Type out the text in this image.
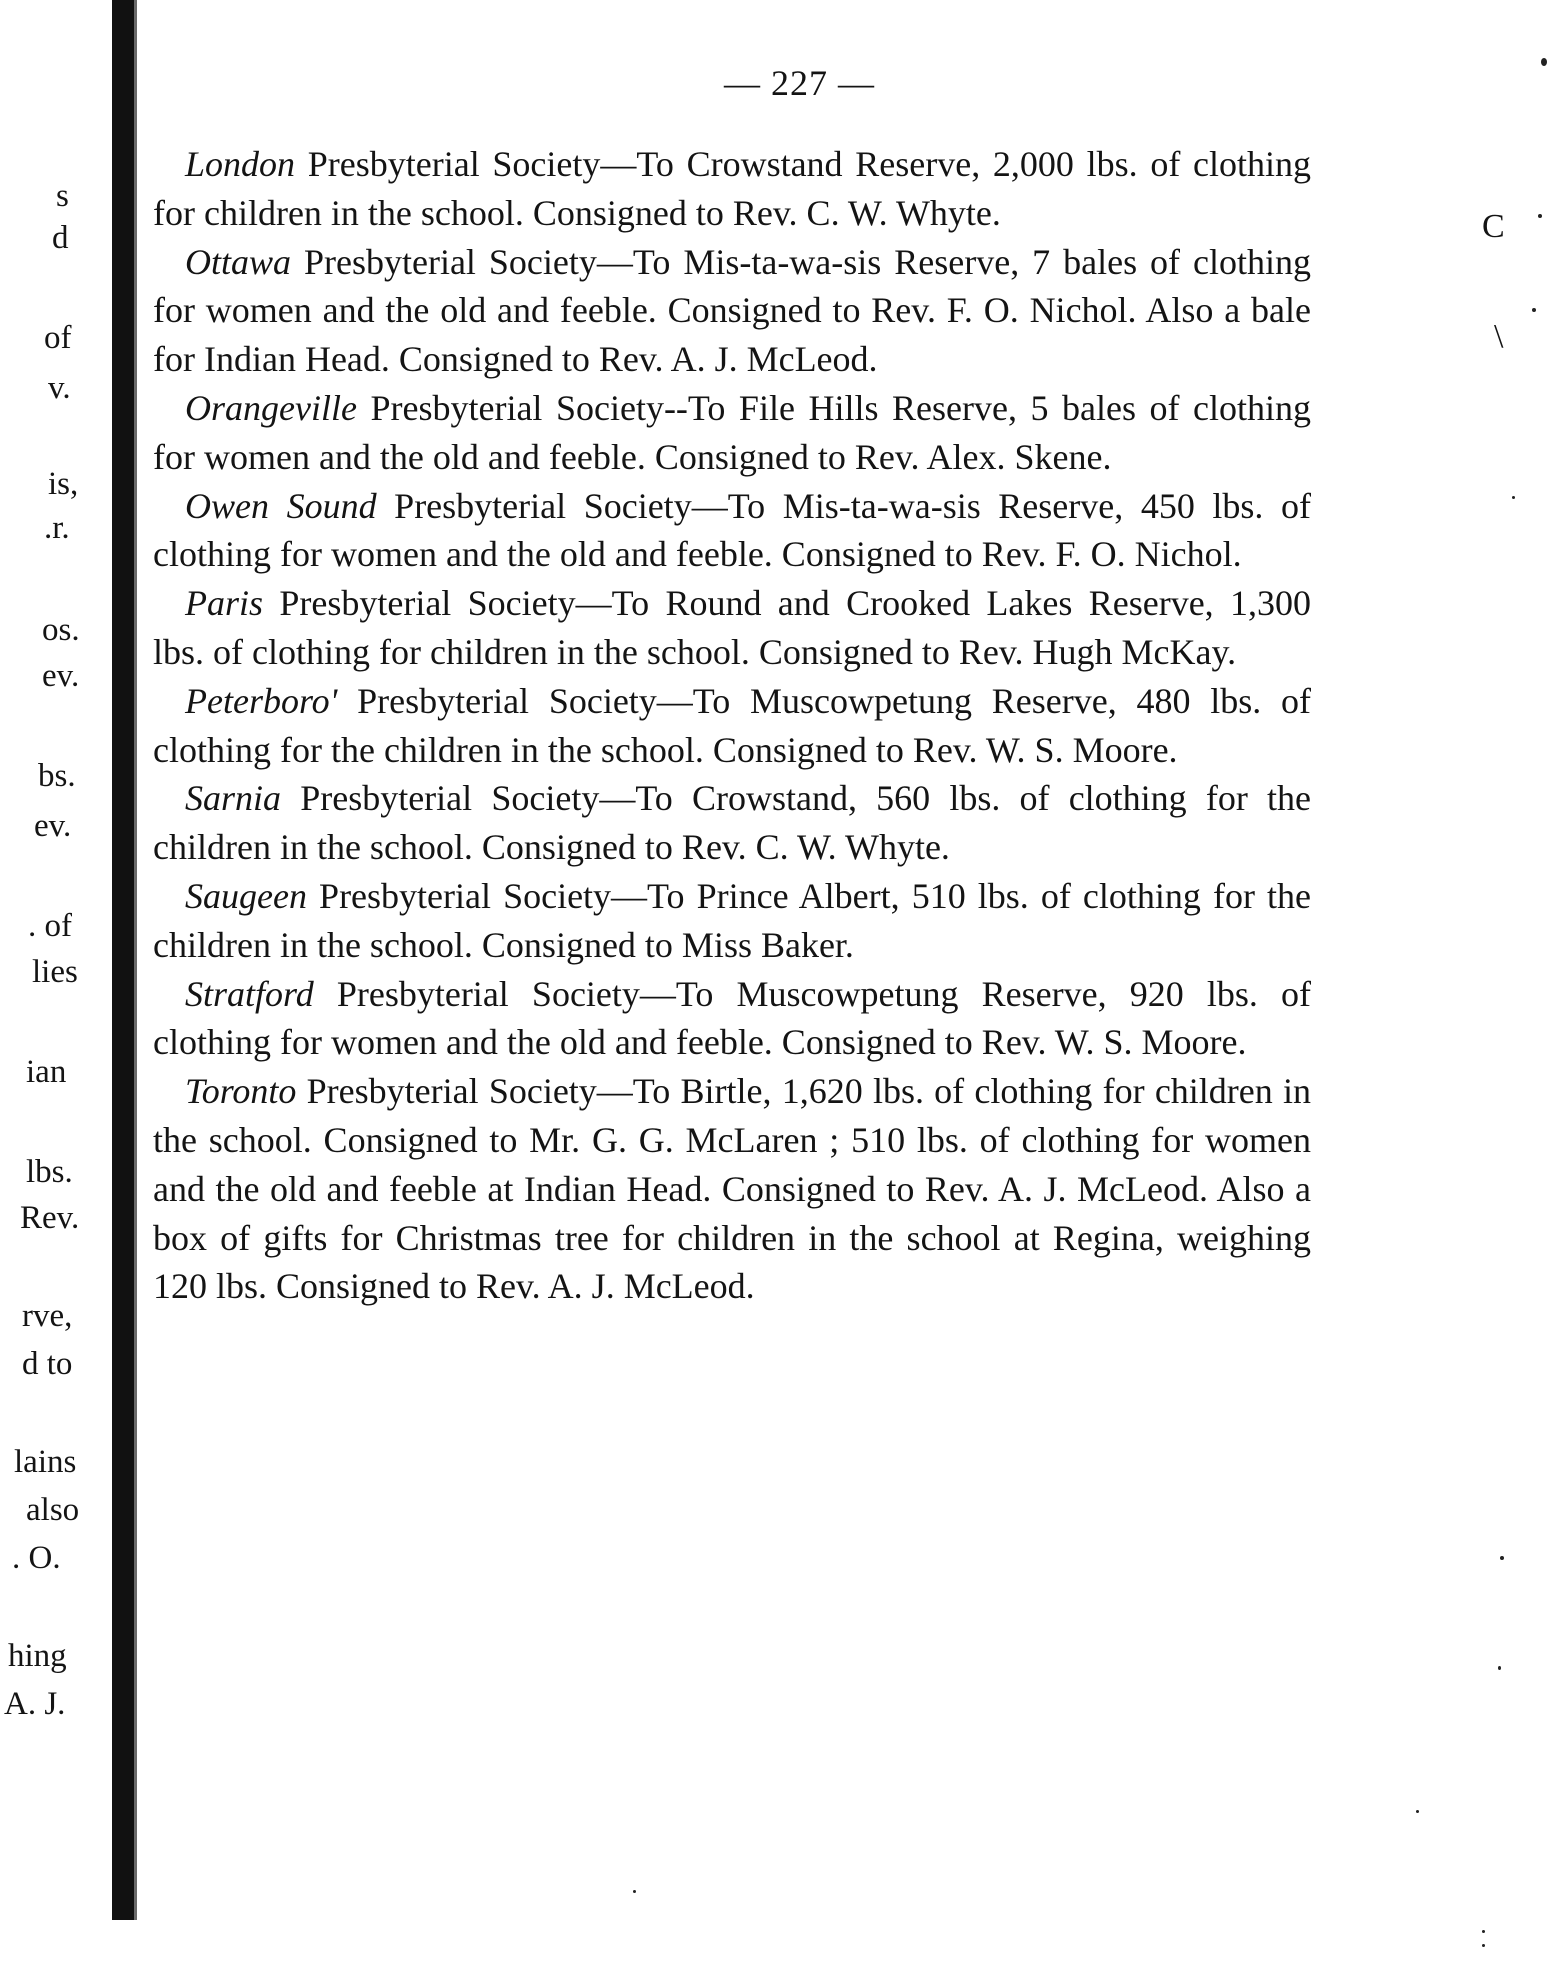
— 227 —
s
d
of
v.
is,
.r.
os.
ev.
bs.
ev.
. of
lies
ian
lbs.
Rev.
rve,
d to
lains
also
. O.
hing
A. J.

London Presbyterial Society—To Crowstand Reserve, 2,000 lbs. of clothing for children in the school. Consigned to Rev. C. W. Whyte.

Ottawa Presbyterial Society—To Mis-ta-wa-sis Reserve, 7 bales of clothing for women and the old and feeble. Consigned to Rev. F. O. Nichol. Also a bale for Indian Head. Consigned to Rev. A. J. McLeod.

Orangeville Presbyterial Society--To File Hills Reserve, 5 bales of clothing for women and the old and feeble. Consigned to Rev. Alex. Skene.

Owen Sound Presbyterial Society—To Mis-ta-wa-sis Reserve, 450 lbs. of clothing for women and the old and feeble. Consigned to Rev. F. O. Nichol.

Paris Presbyterial Society—To Round and Crooked Lakes Reserve, 1,300 lbs. of clothing for children in the school. Consigned to Rev. Hugh McKay.

Peterboro' Presbyterial Society—To Muscowpetung Reserve, 480 lbs. of clothing for the children in the school. Consigned to Rev. W. S. Moore.

Sarnia Presbyterial Society—To Crowstand, 560 lbs. of clothing for the children in the school. Consigned to Rev. C. W. Whyte.

Saugeen Presbyterial Society—To Prince Albert, 510 lbs. of clothing for the children in the school. Consigned to Miss Baker.

Stratford Presbyterial Society—To Muscowpetung Reserve, 920 lbs. of clothing for women and the old and feeble. Consigned to Rev. W. S. Moore.

Toronto Presbyterial Society—To Birtle, 1,620 lbs. of clothing for children in the school. Consigned to Mr. G. G. McLaren ; 510 lbs. of clothing for women and the old and feeble at Indian Head. Consigned to Rev. A. J. McLeod. Also a box of gifts for Christmas tree for children in the school at Regina, weighing 120 lbs. Consigned to Rev. A. J. McLeod.

C
\
